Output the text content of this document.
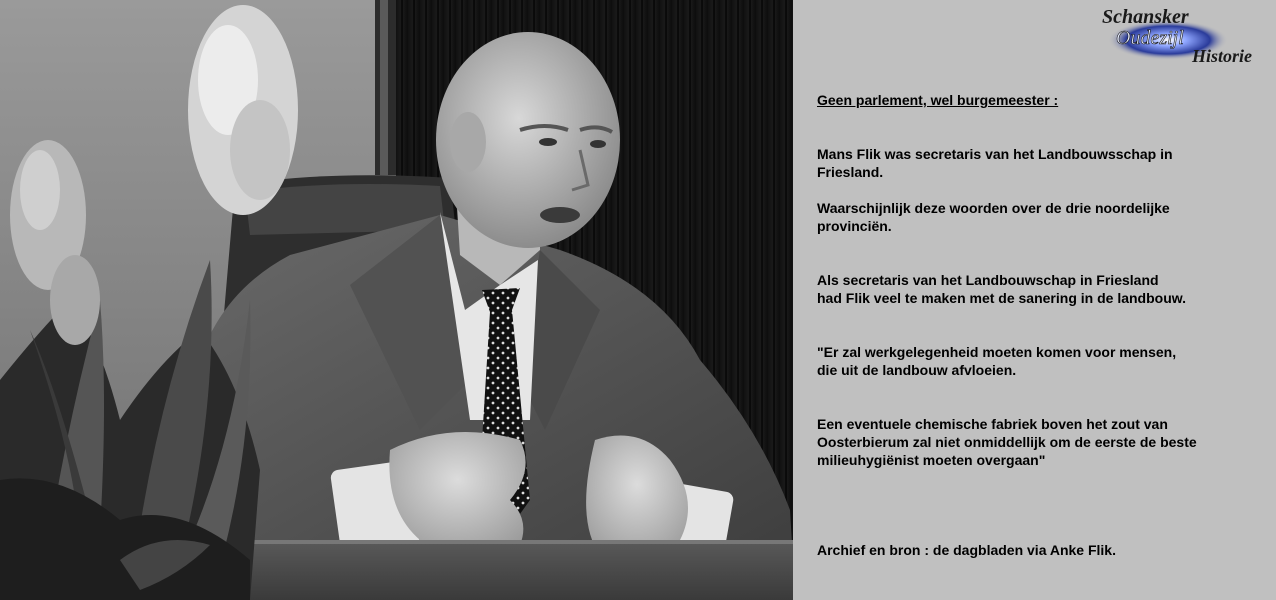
Schansker
Oudezijl
Historie

Geen parlement, wel burgemeester :

Mans Flik was secretaris van het Landbouwsschap in

Friesland.

Waarschijnlijk deze woorden over de drie noordelijke

provinciën.

Als secretaris van het Landbouwschap in Friesland

had Flik veel te maken met de sanering in de landbouw.

"Er zal werkgelegenheid moeten komen voor mensen,

die uit de landbouw afvloeien.

Een eventuele chemische fabriek boven het zout van

Oosterbierum zal niet onmiddellijk om de eerste de beste

milieuhygiënist moeten overgaan"

Archief en bron : de dagbladen via Anke Flik.
